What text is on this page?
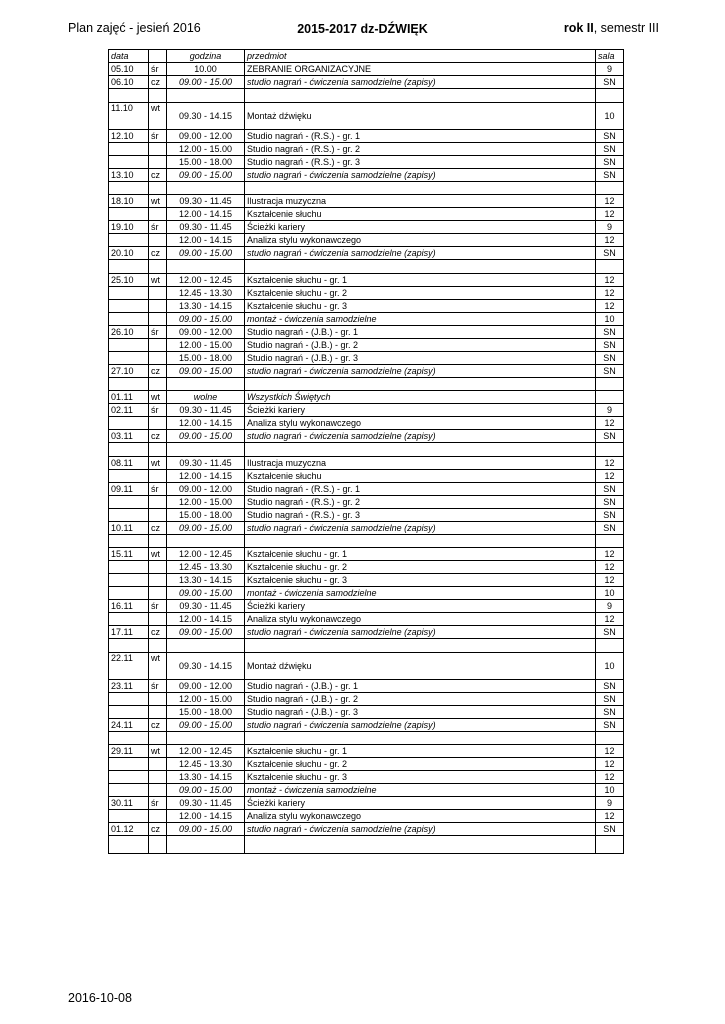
Plan zajęć - jesień 2016	2015-2017 dz-DŹWIĘK	rok II, semestr III
data		godzina	przedmiot	sala
05.10	śr	10.00	ZEBRANIE ORGANIZACYJNE	9
06.10	cz	09.00 - 15.00	studio nagrań - ćwiczenia samodzielne (zapisy)	SN

11.10	wt	09.30 - 14.15	Montaż dźwięku	10
12.10	śr	09.00 - 12.00	Studio nagrań - (R.S.) - gr. 1	SN
		12.00 - 15.00	Studio nagrań - (R.S.) - gr. 2	SN
		15.00 - 18.00	Studio nagrań - (R.S.) - gr. 3	SN
13.10	cz	09.00 - 15.00	studio nagrań - ćwiczenia samodzielne (zapisy)	SN

18.10	wt	09.30 - 11.45	Ilustracja muzyczna	12
		12.00 - 14.15	Kształcenie słuchu	12
19.10	śr	09.30 - 11.45	Ścieżki kariery	9
		12.00 - 14.15	Analiza stylu wykonawczego	12
20.10	cz	09.00 - 15.00	studio nagrań - ćwiczenia samodzielne (zapisy)	SN

25.10	wt	12.00 - 12.45	Kształcenie słuchu - gr. 1	12
		12.45 - 13.30	Kształcenie słuchu - gr. 2	12
		13.30 - 14.15	Kształcenie słuchu - gr. 3	12
		09.00 - 15.00	montaż - ćwiczenia samodzielne	10
26.10	śr	09.00 - 12.00	Studio nagrań - (J.B.) - gr. 1	SN
		12.00 - 15.00	Studio nagrań - (J.B.) - gr. 2	SN
		15.00 - 18.00	Studio nagrań - (J.B.) - gr. 3	SN
27.10	cz	09.00 - 15.00	studio nagrań - ćwiczenia samodzielne (zapisy)	SN

01.11	wt	wolne	Wszystkich Świętych	
02.11	śr	09.30 - 11.45	Ścieżki kariery	9
		12.00 - 14.15	Analiza stylu wykonawczego	12
03.11	cz	09.00 - 15.00	studio nagrań - ćwiczenia samodzielne (zapisy)	SN

08.11	wt	09.30 - 11.45	Ilustracja muzyczna	12
		12.00 - 14.15	Kształcenie słuchu	12
09.11	śr	09.00 - 12.00	Studio nagrań - (R.S.) - gr. 1	SN
		12.00 - 15.00	Studio nagrań - (R.S.) - gr. 2	SN
		15.00 - 18.00	Studio nagrań - (R.S.) - gr. 3	SN
10.11	cz	09.00 - 15.00	studio nagrań - ćwiczenia samodzielne (zapisy)	SN

15.11	wt	12.00 - 12.45	Kształcenie słuchu - gr. 1	12
		12.45 - 13.30	Kształcenie słuchu - gr. 2	12
		13.30 - 14.15	Kształcenie słuchu - gr. 3	12
		09.00 - 15.00	montaż - ćwiczenia samodzielne	10
16.11	śr	09.30 - 11.45	Ścieżki kariery	9
		12.00 - 14.15	Analiza stylu wykonawczego	12
17.11	cz	09.00 - 15.00	studio nagrań - ćwiczenia samodzielne (zapisy)	SN

22.11	wt	09.30 - 14.15	Montaż dźwięku	10
23.11	śr	09.00 - 12.00	Studio nagrań - (J.B.) - gr. 1	SN
		12.00 - 15.00	Studio nagrań - (J.B.) - gr. 2	SN
		15.00 - 18.00	Studio nagrań - (J.B.) - gr. 3	SN
24.11	cz	09.00 - 15.00	studio nagrań - ćwiczenia samodzielne (zapisy)	SN

29.11	wt	12.00 - 12.45	Kształcenie słuchu - gr. 1	12
		12.45 - 13.30	Kształcenie słuchu - gr. 2	12
		13.30 - 14.15	Kształcenie słuchu - gr. 3	12
		09.00 - 15.00	montaż - ćwiczenia samodzielne	10
30.11	śr	09.30 - 11.45	Ścieżki kariery	9
		12.00 - 14.15	Analiza stylu wykonawczego	12
01.12	cz	09.00 - 15.00	studio nagrań - ćwiczenia samodzielne (zapisy)	SN

2016-10-08
